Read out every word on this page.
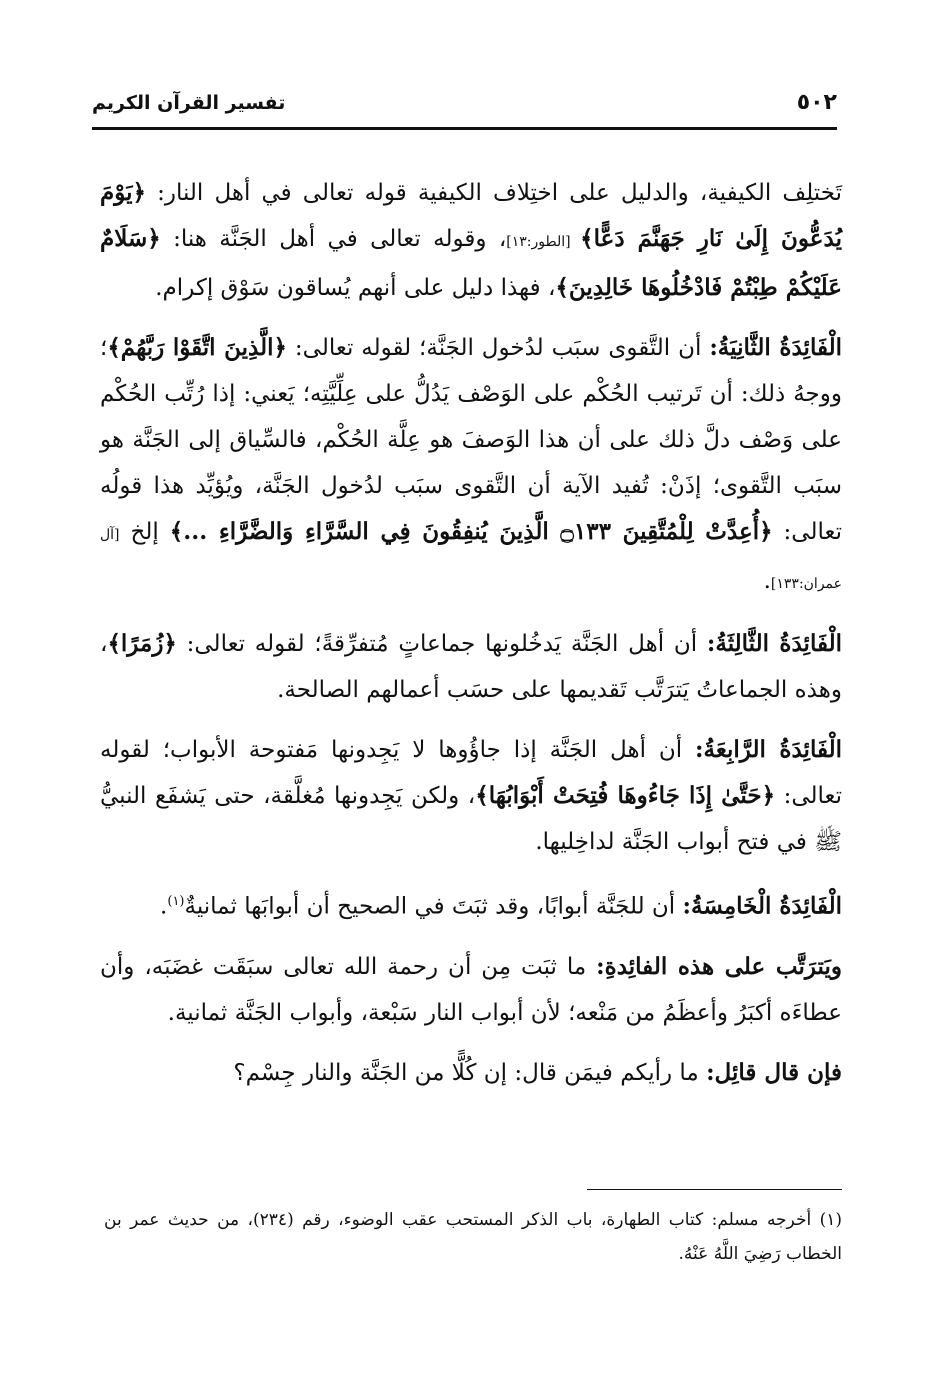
٥٠٢
تفسير القرآن الكريم

تَختلِف الكيفية، والدليل على اختِلاف الكيفية قوله تعالى في أهل النار: ﴿يَوْمَ يُدَعُّونَ إِلَىٰ نَارِ جَهَنَّمَ دَعًّا﴾ [الطور:١٣]، وقوله تعالى في أهل الجَنَّة هنا: ﴿سَلَامٌ عَلَيْكُمْ طِبْتُمْ فَادْخُلُوهَا خَالِدِينَ﴾، فهذا دليل على أنهم يُساقون سَوْق إكرام.

الْفَائِدَةُ الثَّانِيَةُ: أن التَّقوى سبَب لدُخول الجَنَّة؛ لقوله تعالى: ﴿الَّذِينَ اتَّقَوْا رَبَّهُمْ﴾؛ ووجهُ ذلك: أن تَرتيب الحُكْم على الوَصْف يَدُلُّ على عِلِّيَّتِه؛ يَعني: إذا رُتِّب الحُكْم على وَصْف دلَّ ذلك على أن هذا الوَصفَ هو عِلَّة الحُكْم، فالسِّياق إلى الجَنَّة هو سبَب التَّقوى؛ إذَنْ: تُفيد الآية أن التَّقوى سبَب لدُخول الجَنَّة، ويُؤيِّد هذا قولُه تعالى: ﴿أُعِدَّتْ لِلْمُتَّقِينَ ۝١٣٣ الَّذِينَ يُنفِقُونَ فِي السَّرَّاءِ وَالضَّرَّاءِ ...﴾ إلخ [آل عمران:١٣٣].

الْفَائِدَةُ الثَّالِثَةُ: أن أهل الجَنَّة يَدخُلونها جماعاتٍ مُتفرِّقةً؛ لقوله تعالى: ﴿زُمَرًا﴾، وهذه الجماعاتُ يَترَتَّب تَقديمها على حسَب أعمالهم الصالحة.

الْفَائِدَةُ الرَّابِعَةُ: أن أهل الجَنَّة إذا جاؤُوها لا يَجِدونها مَفتوحة الأبواب؛ لقوله تعالى: ﴿حَتَّىٰ إِذَا جَاءُوهَا فُتِحَتْ أَبْوَابُهَا﴾، ولكن يَجِدونها مُغلَّقة، حتى يَشفَع النبيُّ ﷺ في فتح أبواب الجَنَّة لداخِليها.

الْفَائِدَةُ الْخَامِسَةُ: أن للجَنَّة أبوابًا، وقد ثبَتَ في الصحيح أن أبوابَها ثمانيةٌ$^{(١)}$.

ويَترَتَّب على هذه الفائِدةِ: ما ثبَت مِن أن رحمة الله تعالى سبَقَت غضَبَه، وأن عطاءَه أكبَرُ وأعظَمُ من مَنْعه؛ لأن أبواب النار سَبْعة، وأبواب الجَنَّة ثمانية.

فإن قال قائِل: ما رأيكم فيمَن قال: إن كُلًّا من الجَنَّة والنار جِسْم؟

(١) أخرجه مسلم: كتاب الطهارة، باب الذكر المستحب عقب الوضوء، رقم (٢٣٤)، من حديث عمر بن الخطاب رَضِيَ اللَّهُ عَنْهُ.
